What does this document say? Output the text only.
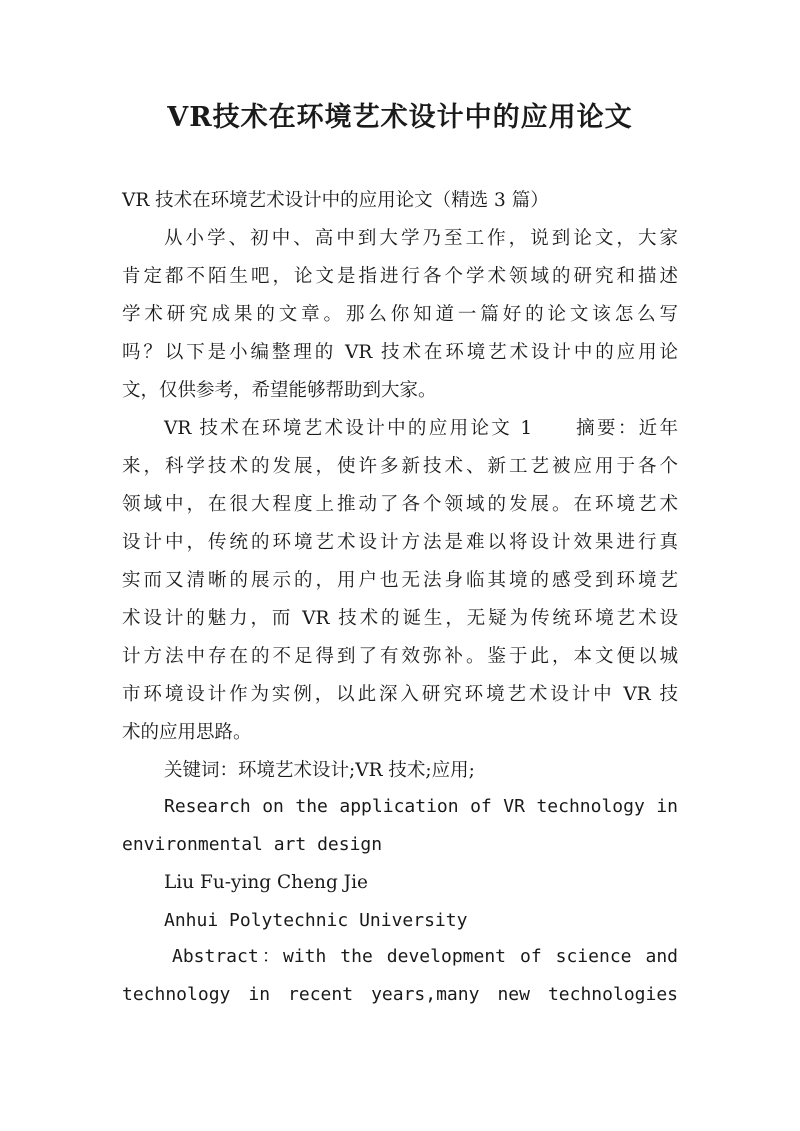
VR技术在环境艺术设计中的应用论文

VR 技术在环境艺术设计中的应用论文（精选 3 篇）

从小学、初中、高中到大学乃至工作，说到论文，大家

肯定都不陌生吧，论文是指进行各个学术领域的研究和描述

学术研究成果的文章。那么你知道一篇好的论文该怎么写

吗？以下是小编整理的 VR 技术在环境艺术设计中的应用论

文，仅供参考，希望能够帮助到大家。

VR 技术在环境艺术设计中的应用论文 1　　摘要：近年

来，科学技术的发展，使许多新技术、新工艺被应用于各个

领域中，在很大程度上推动了各个领域的发展。在环境艺术

设计中，传统的环境艺术设计方法是难以将设计效果进行真

实而又清晰的展示的，用户也无法身临其境的感受到环境艺

术设计的魅力，而 VR 技术的诞生，无疑为传统环境艺术设

计方法中存在的不足得到了有效弥补。鉴于此，本文便以城

市环境设计作为实例，以此深入研究环境艺术设计中 VR 技

术的应用思路。

关键词：环境艺术设计;VR 技术;应用;

Research on the application of VR technology in

environmental art design

Liu Fu-ying Cheng Jie

Anhui Polytechnic University

Abstract：with the development of science and

technology in recent years,many new technologies
